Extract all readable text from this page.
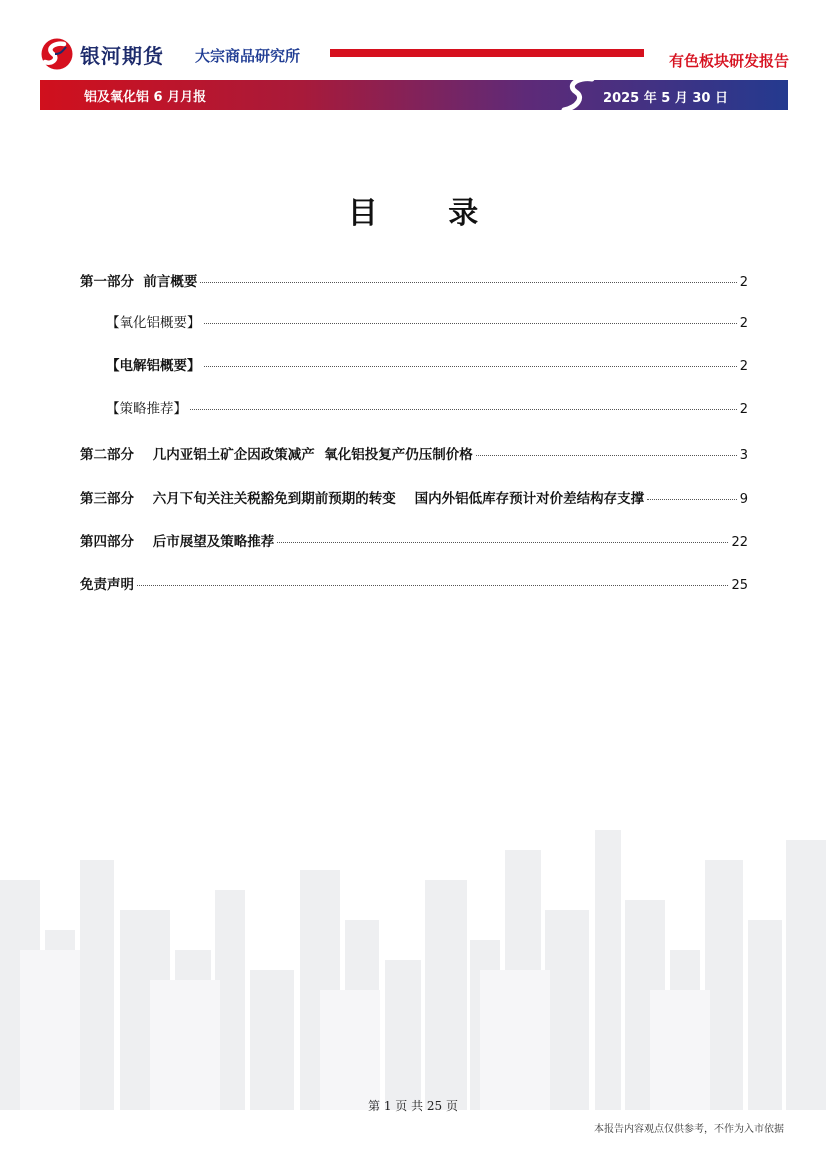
银河期货 大宗商品研究所	有色板块研发报告
铝及氧化铝 6 月月报	2025 年 5 月 30 日
目 录
第一部分  前言概要	2
【氧化铝概要】	2
【电解铝概要】	2
【策略推荐】	2
第二部分    几内亚铝土矿企因政策减产  氧化铝投复产仍压制价格	3
第三部分    六月下旬关注关税豁免到期前预期的转变    国内外铝低库存预计对价差结构存支撑	9
第四部分    后市展望及策略推荐	22
免责声明	25
第 1 页 共 25 页
本报告内容观点仅供参考，不作为入市依据
